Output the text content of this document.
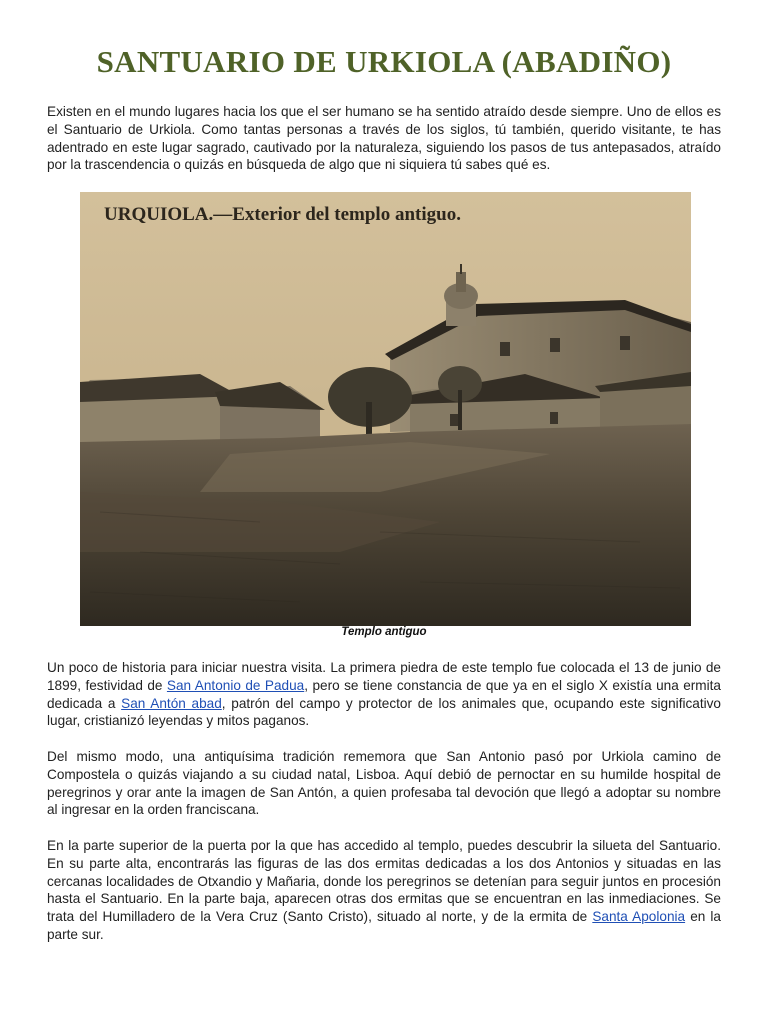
SANTUARIO DE URKIOLA (ABADIÑO)

Existen en el mundo lugares hacia los que el ser humano se ha sentido atraído desde siempre. Uno de ellos es el Santuario de Urkiola. Como tantas personas a través de los siglos, tú también, querido visitante, te has adentrado en este lugar sagrado, cautivado por la naturaleza, siguiendo los pasos de tus antepasados, atraído por la trascendencia o quizás en búsqueda de algo que ni siquiera tú sabes qué es.

URQUIOLA.—Exterior del templo antiguo.

Templo antiguo

Un poco de historia para iniciar nuestra visita. La primera piedra de este templo fue colocada el 13 de junio de 1899, festividad de San Antonio de Padua, pero se tiene constancia de que ya en el siglo X existía una ermita dedicada a San Antón abad, patrón del campo y protector de los animales que, ocupando este significativo lugar, cristianizó leyendas y mitos paganos.

Del mismo modo, una antiquísima tradición rememora que San Antonio pasó por Urkiola camino de Compostela o quizás viajando a su ciudad natal, Lisboa. Aquí debió de pernoctar en su humilde hospital de peregrinos y orar ante la imagen de San Antón, a quien profesaba tal devoción que llegó a adoptar su nombre al ingresar en la orden franciscana.

En la parte superior de la puerta por la que has accedido al templo, puedes descubrir la silueta del Santuario. En su parte alta, encontrarás las figuras de las dos ermitas dedicadas a los dos Antonios y situadas en las cercanas localidades de Otxandio y Mañaria, donde los peregrinos se detenían para seguir juntos en procesión hasta el Santuario. En la parte baja, aparecen otras dos ermitas que se encuentran en las inmediaciones. Se trata del Humilladero de la Vera Cruz (Santo Cristo), situado al norte, y de la ermita de Santa Apolonia en la parte sur.
